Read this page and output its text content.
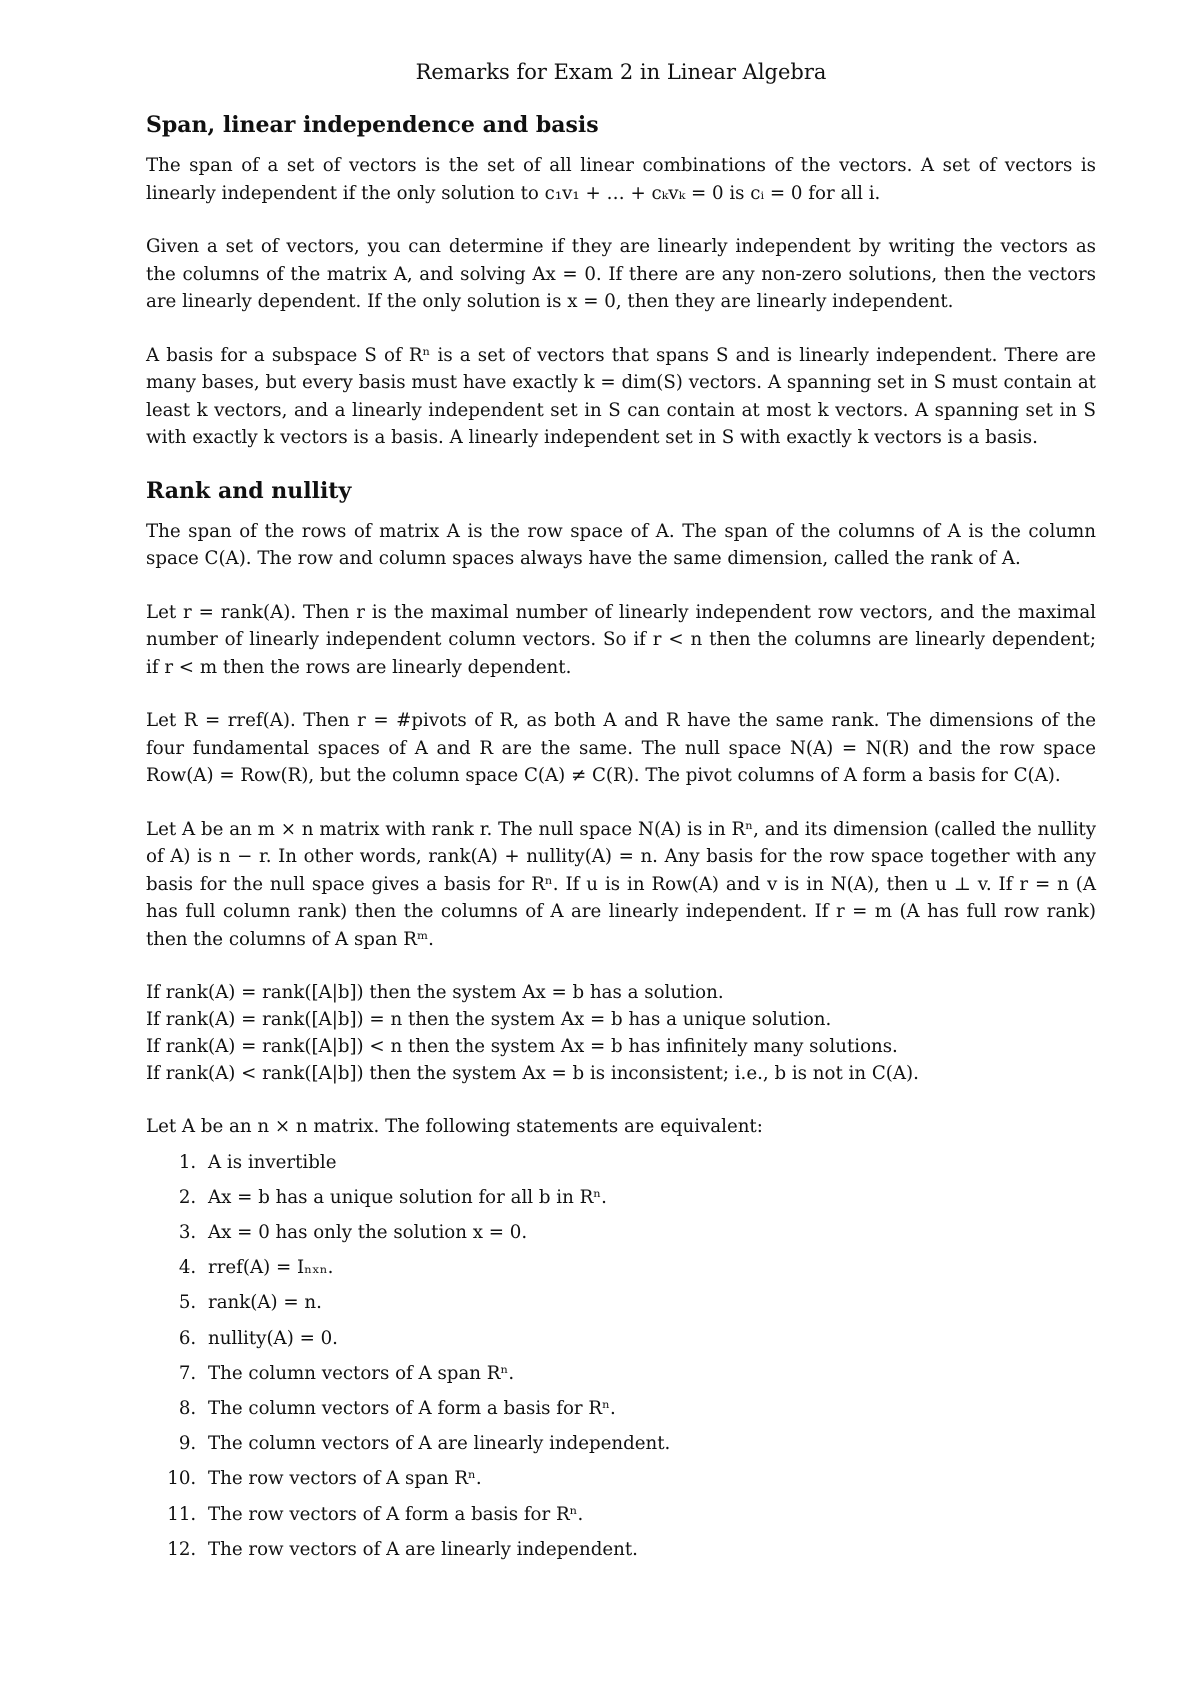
Remarks for Exam 2 in Linear Algebra
Span, linear independence and basis

The span of a set of vectors is the set of all linear combinations of the vectors. A set of vectors is linearly independent if the only solution to c₁v₁ + … + cₖvₖ = 0 is cᵢ = 0 for all i.

Given a set of vectors, you can determine if they are linearly independent by writing the vectors as the columns of the matrix A, and solving Ax = 0. If there are any non-zero solutions, then the vectors are linearly dependent. If the only solution is x = 0, then they are linearly independent.

A basis for a subspace S of Rⁿ is a set of vectors that spans S and is linearly independent. There are many bases, but every basis must have exactly k = dim(S) vectors. A spanning set in S must contain at least k vectors, and a linearly independent set in S can contain at most k vectors. A spanning set in S with exactly k vectors is a basis. A linearly independent set in S with exactly k vectors is a basis.

Rank and nullity

The span of the rows of matrix A is the row space of A. The span of the columns of A is the column space C(A). The row and column spaces always have the same dimension, called the rank of A.

Let r = rank(A). Then r is the maximal number of linearly independent row vectors, and the maximal number of linearly independent column vectors. So if r < n then the columns are linearly dependent; if r < m then the rows are linearly dependent.

Let R = rref(A). Then r = #pivots of R, as both A and R have the same rank. The dimensions of the four fundamental spaces of A and R are the same. The null space N(A) = N(R) and the row space Row(A) = Row(R), but the column space C(A) ≠ C(R). The pivot columns of A form a basis for C(A).

Let A be an m × n matrix with rank r. The null space N(A) is in Rⁿ, and its dimension (called the nullity of A) is n − r. In other words, rank(A) + nullity(A) = n. Any basis for the row space together with any basis for the null space gives a basis for Rⁿ. If u is in Row(A) and v is in N(A), then u ⊥ v. If r = n (A has full column rank) then the columns of A are linearly independent. If r = m (A has full row rank) then the columns of A span Rᵐ.

If rank(A) = rank([A|b]) then the system Ax = b has a solution.
If rank(A) = rank([A|b]) = n then the system Ax = b has a unique solution.
If rank(A) = rank([A|b]) < n then the system Ax = b has infinitely many solutions.
If rank(A) < rank([A|b]) then the system Ax = b is inconsistent; i.e., b is not in C(A).

Let A be an n × n matrix. The following statements are equivalent:

1. A is invertible
2. Ax = b has a unique solution for all b in Rⁿ.
3. Ax = 0 has only the solution x = 0.
4. rref(A) = Iₙₓₙ.
5. rank(A) = n.
6. nullity(A) = 0.
7. The column vectors of A span Rⁿ.
8. The column vectors of A form a basis for Rⁿ.
9. The column vectors of A are linearly independent.
10. The row vectors of A span Rⁿ.
11. The row vectors of A form a basis for Rⁿ.
12. The row vectors of A are linearly independent.
